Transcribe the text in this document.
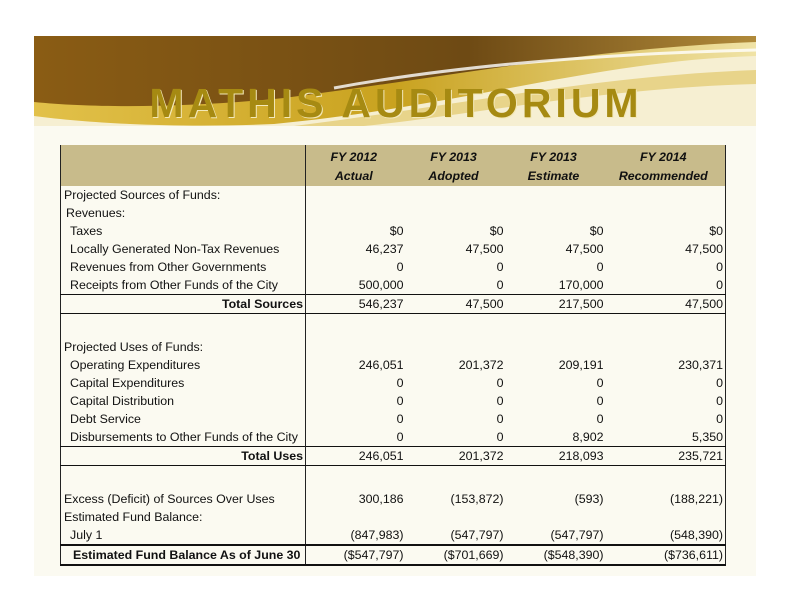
MATHIS AUDITORIUM
	FY 2012	FY 2013	FY 2013	FY 2014
	Actual	Adopted	Estimate	Recommended
Projected Sources of Funds:				
Revenues:				
Taxes	$0	$0	$0	$0
Locally Generated Non-Tax Revenues	46,237	47,500	47,500	47,500
Revenues from Other Governments	0	0	0	0
Receipts from Other Funds of the City	500,000	0	170,000	0
Total Sources	546,237	47,500	217,500	47,500

Projected Uses of Funds:				
Operating Expenditures	246,051	201,372	209,191	230,371
Capital Expenditures	0	0	0	0
Capital Distribution	0	0	0	0
Debt Service	0	0	0	0
Disbursements to Other Funds of the City	0	0	8,902	5,350
Total Uses	246,051	201,372	218,093	235,721

Excess (Deficit) of Sources Over Uses	300,186	(153,872)	(593)	(188,221)
Estimated Fund Balance:				
July 1	(847,983)	(547,797)	(547,797)	(548,390)
Estimated Fund Balance As of June 30	($547,797)	($701,669)	($548,390)	($736,611)
